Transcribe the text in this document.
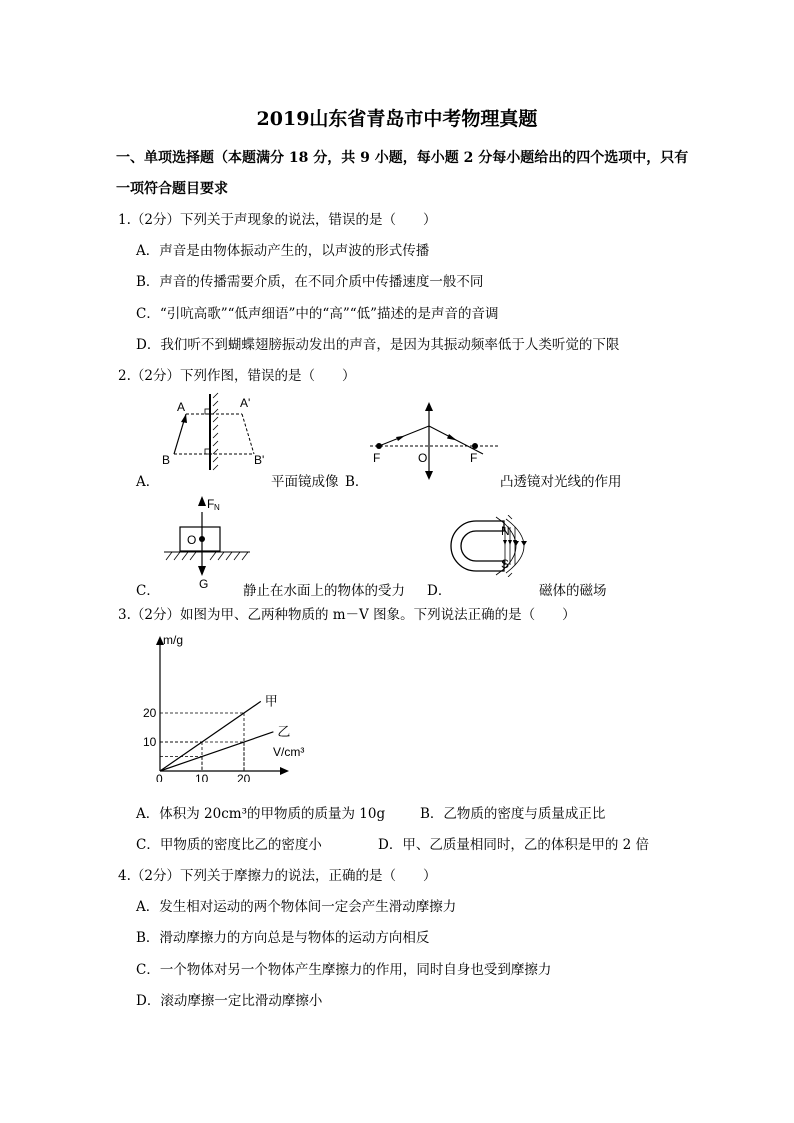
2019山东省青岛市中考物理真题
一、单项选择题（本题满分 18 分，共 9 小题，每小题 2 分每小题给出的四个选项中，只有
一项符合题目要求
1.（2分）下列关于声现象的说法，错误的是（　　）
A．声音是由物体振动产生的，以声波的形式传播
B．声音的传播需要介质，在不同介质中传播速度一般不同
C．“引吭高歌”“低声细语”中的“高”“低”描述的是声音的音调
D．我们听不到蝴蝶翅膀振动发出的声音，是因为其振动频率低于人类听觉的下限
2.（2分）下列作图，错误的是（　　）
A	A'
B	B'
A．	平面镜成像
F	O	F
B．	凸透镜对光线的作用
O
F N
G
C．	静止在水面上的物体的受力
N
S
D．	磁体的磁场
3.（2分）如图为甲、乙两种物质的 m－V 图象。下列说法正确的是（　　）
m/g
V/cm³
甲
乙
0	10 20
10
20
A．体积为 20cm³的甲物质的质量为 10g	B．乙物质的密度与质量成正比
C．甲物质的密度比乙的密度小	D．甲、乙质量相同时，乙的体积是甲的 2 倍
4.（2分）下列关于摩擦力的说法，正确的是（　　）
A．发生相对运动的两个物体间一定会产生滑动摩擦力
B．滑动摩擦力的方向总是与物体的运动方向相反
C．一个物体对另一个物体产生摩擦力的作用，同时自身也受到摩擦力
D．滚动摩擦一定比滑动摩擦小
